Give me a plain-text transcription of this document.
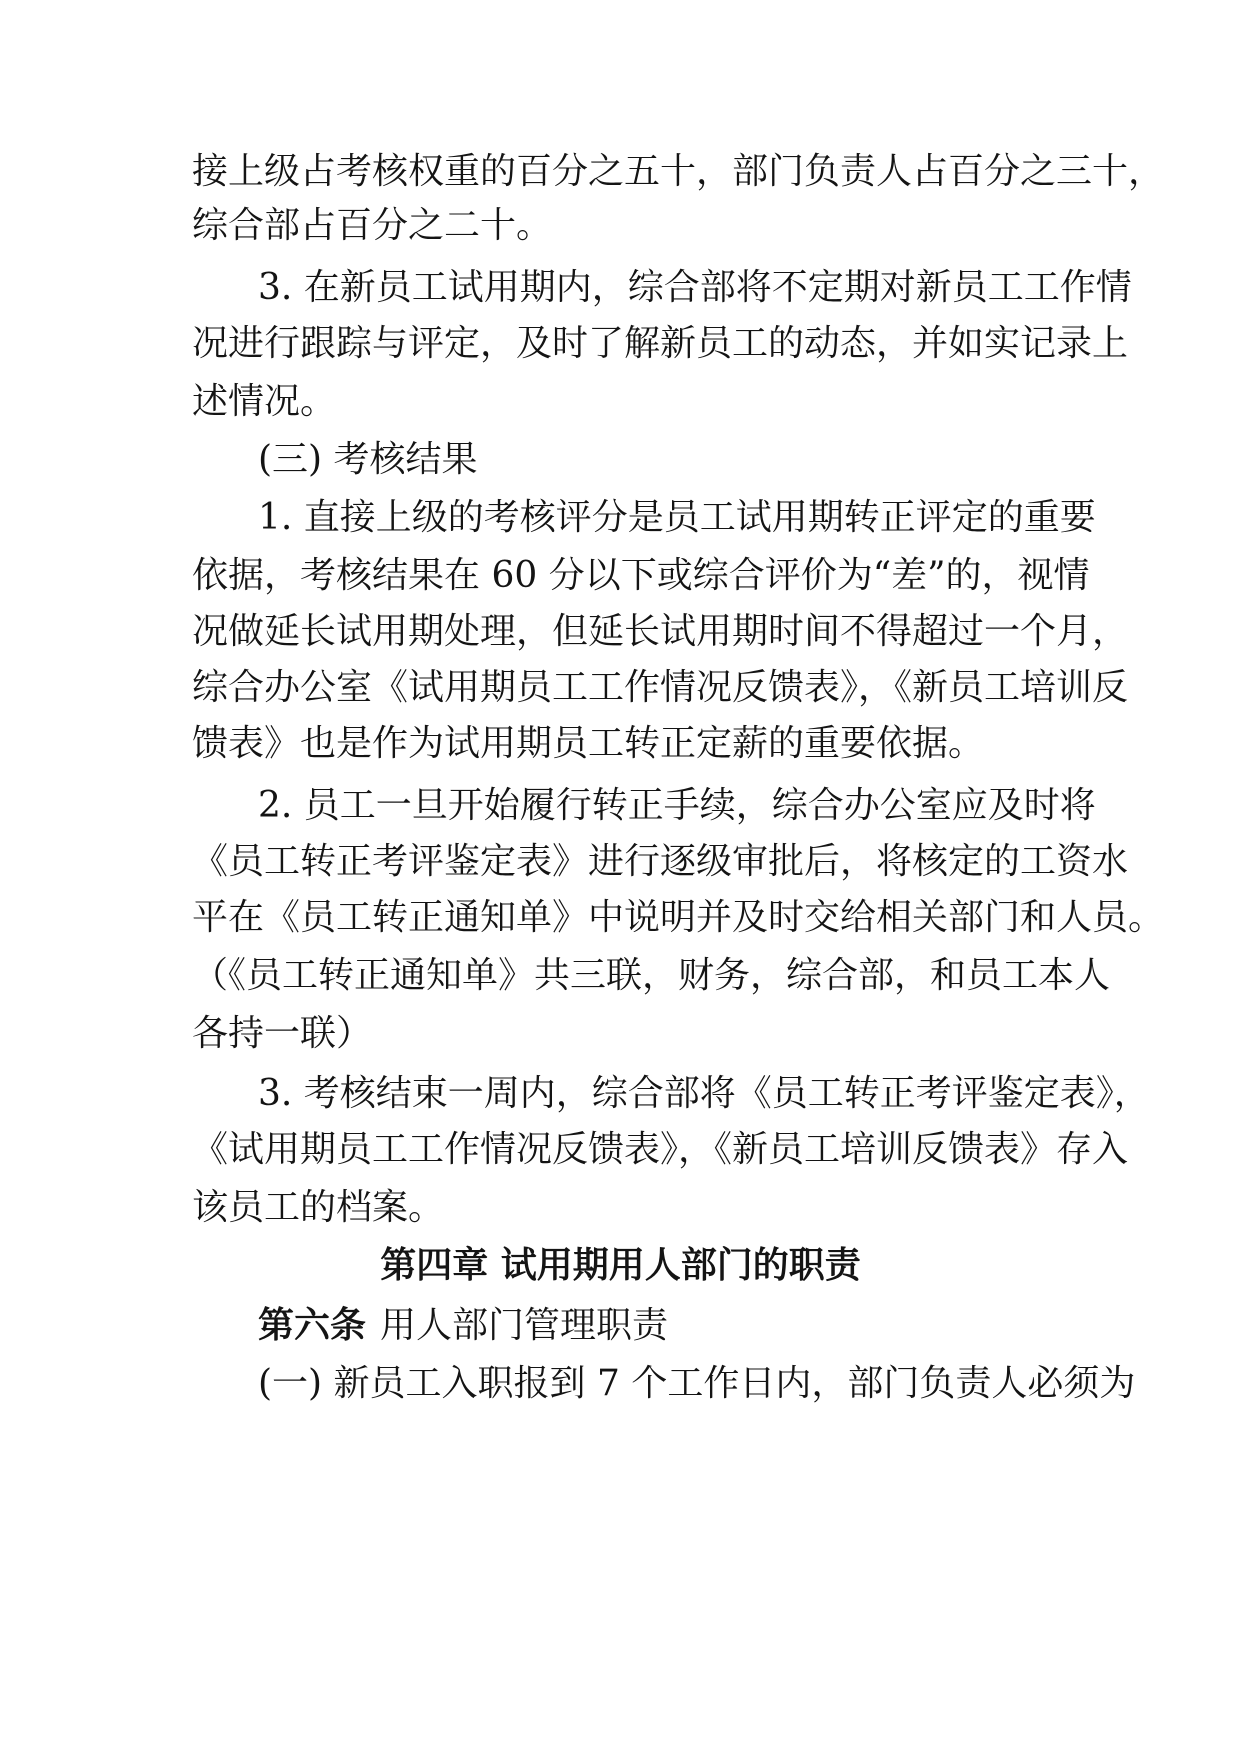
接上级占考核权重的百分之五十，部门负责人占百分之三十，
综合部占百分之二十。
3. 在新员工试用期内，综合部将不定期对新员工工作情
况进行跟踪与评定，及时了解新员工的动态，并如实记录上
述情况。
(三) 考核结果
1. 直接上级的考核评分是员工试用期转正评定的重要
依据，考核结果在 60 分以下或综合评价为“差”的，视情
况做延长试用期处理，但延长试用期时间不得超过一个月，
综合办公室《试用期员工工作情况反馈表》，《新员工培训反
馈表》也是作为试用期员工转正定薪的重要依据。
2. 员工一旦开始履行转正手续，综合办公室应及时将
《员工转正考评鉴定表》进行逐级审批后，将核定的工资水
平在《员工转正通知单》中说明并及时交给相关部门和人员。
（《员工转正通知单》共三联，财务，综合部，和员工本人
各持一联）
3. 考核结束一周内，综合部将《员工转正考评鉴定表》，
《试用期员工工作情况反馈表》，《新员工培训反馈表》存入
该员工的档案。
第四章 试用期用人部门的职责
第六条 用人部门管理职责
(一) 新员工入职报到 7 个工作日内，部门负责人必须为
